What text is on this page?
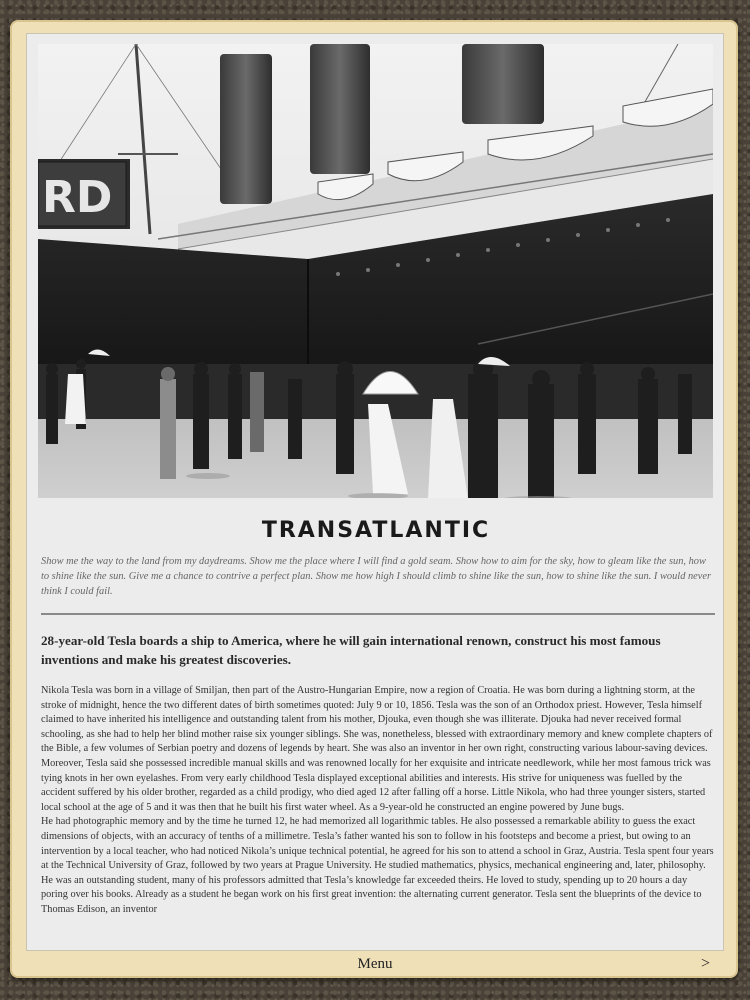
RD
TRANSATLANTIC

Show me the way to the land from my daydreams. Show me the place where I will find a gold seam. Show how to aim for the sky, how to gleam like the sun, how to shine like the sun. Give me a chance to contrive a perfect plan. Show me how high I should climb to shine like the sun, how to shine like the sun. I would never think I could fail.

28-year-old Tesla boards a ship to America, where he will gain international renown, construct his most famous inventions and make his greatest discoveries.

Nikola Tesla was born in a village of Smiljan, then part of the Austro-Hungarian Empire, now a region of Croatia. He was born during a lightning storm, at the stroke of midnight, hence the two different dates of birth sometimes quoted: July 9 or 10, 1856. Tesla was the son of an Orthodox priest. However, Tesla himself claimed to have inherited his intelligence and outstanding talent from his mother, Djouka, even though she was illiterate. Djouka had never received formal schooling, as she had to help her blind mother raise six younger siblings. She was, nonetheless, blessed with extraordinary memory and knew complete chapters of the Bible, a few volumes of Serbian poetry and dozens of legends by heart. She was also an inventor in her own right, constructing various labour-saving devices. Moreover, Tesla said she possessed incredible manual skills and was renowned locally for her exquisite and intricate needlework, while her most famous trick was tying knots in her own eyelashes. From very early childhood Tesla displayed exceptional abilities and interests. His strive for uniqueness was fuelled by the accident suffered by his older brother, regarded as a child prodigy, who died aged 12 after falling off a horse. Little Nikola, who had three younger sisters, started local school at the age of 5 and it was then that he built his first water wheel. As a 9-year-old he constructed an engine powered by June bugs.

He had photographic memory and by the time he turned 12, he had memorized all logarithmic tables. He also possessed a remarkable ability to guess the exact dimensions of objects, with an accuracy of tenths of a millimetre. Tesla’s father wanted his son to follow in his footsteps and become a priest, but owing to an intervention by a local teacher, who had noticed Nikola’s unique technical potential, he agreed for his son to attend a school in Graz, Austria. Tesla spent four years at the Technical University of Graz, followed by two years at Prague University. He studied mathematics, physics, mechanical engineering and, later, philosophy. He was an outstanding student, many of his professors admitted that Tesla’s knowledge far exceeded theirs. He loved to study, spending up to 20 hours a day poring over his books. Already as a student he began work on his first great invention: the alternating current generator. Tesla sent the blueprints of the device to Thomas Edison, an inventor

Menu	>
